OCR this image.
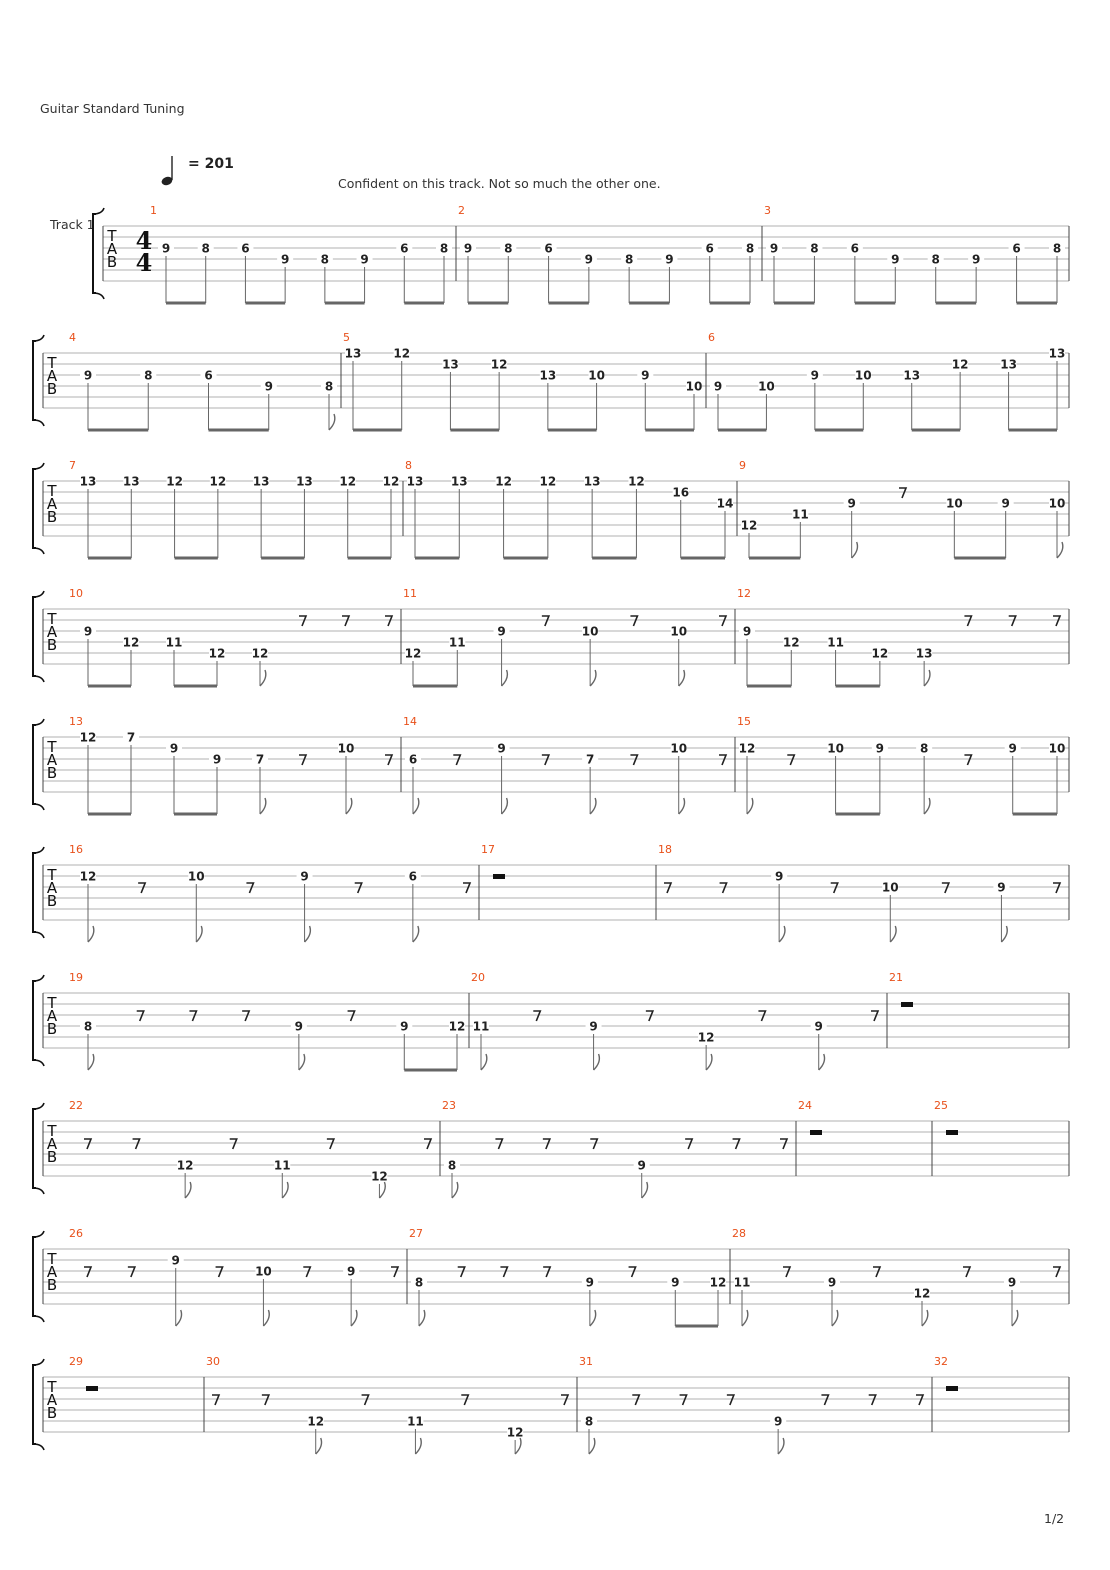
Guitar Standard Tuning
= 201
Confident on this track. Not so much the other one.
Track 1
T
A
B
4
4
1
9	8	6
9	8	9
6	8
2
9	8	6
9	8	9
6	8
3
9	8	6
9	8	9
6	8
T
A
B
4
9	8	6
9	8
5
13	12
13	12
13	10	9
10
6
9	10
9	10	13
12	13
13
T
A
B
7
13 13 12 12 13 13 12 12
8
13 13 12 12 13 12
16
14
9
12
11
9	10	9	10
T
A
B
10
9
12 11
12 12
11
12
11
9	10	10
12
9
12 11
12 13
T
A
B
13
12	7
9
9	7
10
14
6
9
7
10
15
12	10	9	8	9	10
T
A
B
16
12	10	9	6
17	18
9
10	9
T
A
B
19
8	9	9	12
20
11	9
12
9
21
T
A
B
22
12	11
12
23
8	9
24	25
T
A
B
26
9
10	9
27
8	9	9	12
28
11	9
12
9
T
A
B
29	30
12	11
12
31
8	9
32
1/2
